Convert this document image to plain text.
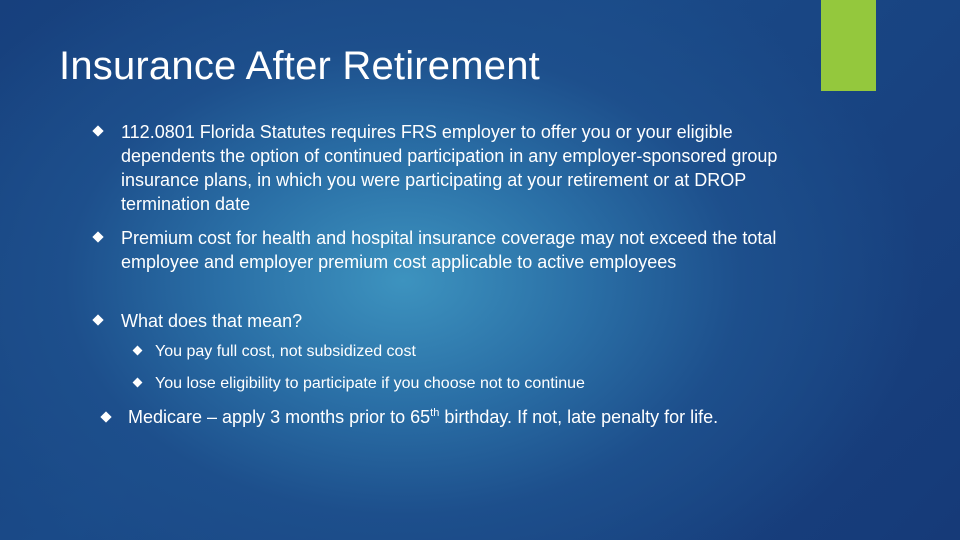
Insurance After Retirement
112.0801 Florida Statutes requires FRS employer to offer you or your eligible dependents the option of continued participation in any employer-sponsored group insurance plans, in which you were participating at your retirement or at DROP termination date
Premium cost for health and hospital insurance coverage may not exceed the total employee and employer premium cost applicable to active employees
What does that mean?
You pay full cost, not subsidized cost
You lose eligibility to participate if you choose not to continue
Medicare – apply 3 months prior to 65th birthday. If not, late penalty for life.
